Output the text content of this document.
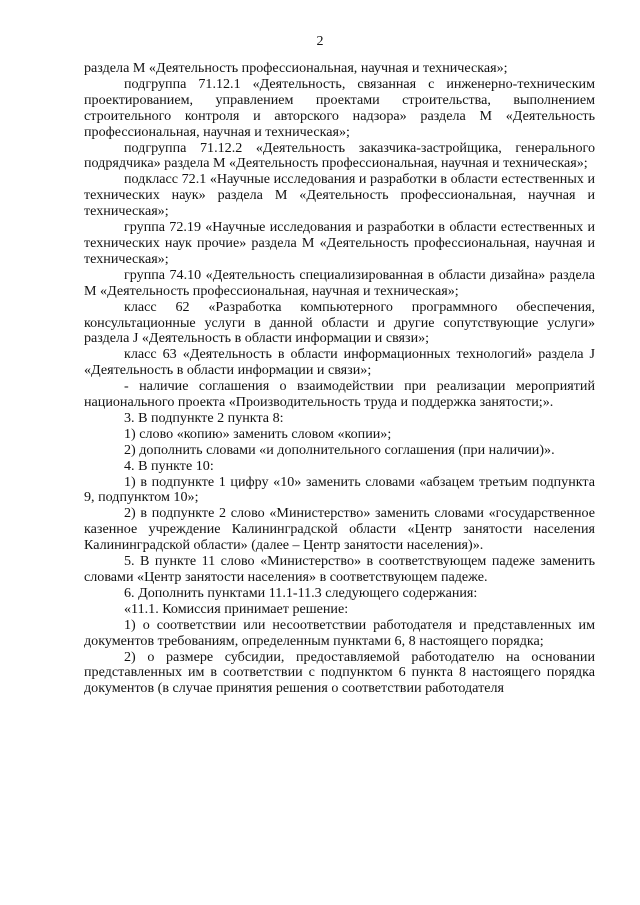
2

раздела М «Деятельность профессиональная, научная и техническая»;

подгруппа 71.12.1 «Деятельность, связанная с инженерно-техническим проектированием, управлением проектами строительства, выполнением строительного контроля и авторского надзора» раздела М «Деятельность профессиональная, научная и техническая»;

подгруппа 71.12.2 «Деятельность заказчика-застройщика, генерального подрядчика» раздела М «Деятельность профессиональная, научная и техническая»;

подкласс 72.1 «Научные исследования и разработки в области естественных и технических наук» раздела М «Деятельность профессиональная, научная и техническая»;

группа 72.19 «Научные исследования и разработки в области естественных и технических наук прочие» раздела М «Деятельность профессиональная, научная и техническая»;

группа 74.10 «Деятельность специализированная в области дизайна» раздела М «Деятельность профессиональная, научная и техническая»;

класс 62 «Разработка компьютерного программного обеспечения, консультационные услуги в данной области и другие сопутствующие услуги» раздела J «Деятельность в области информации и связи»;

класс 63 «Деятельность в области информационных технологий» раздела J «Деятельность в области информации и связи»;

- наличие соглашения о взаимодействии при реализации мероприятий национального проекта «Производительность труда и поддержка занятости;».

3. В подпункте 2 пункта 8:

1) слово «копию» заменить словом «копии»;

2) дополнить словами «и дополнительного соглашения (при наличии)».

4. В пункте 10:

1) в подпункте 1 цифру «10» заменить словами «абзацем третьим подпункта 9, подпунктом 10»;

2) в подпункте 2 слово «Министерство» заменить словами «государственное казенное учреждение Калининградской области «Центр занятости населения Калининградской области» (далее – Центр занятости населения)».

5. В пункте 11 слово «Министерство» в соответствующем падеже заменить словами «Центр занятости населения» в соответствующем падеже.

6. Дополнить пунктами 11.1-11.3 следующего содержания:

«11.1. Комиссия принимает решение:

1) о соответствии или несоответствии работодателя и представленных им документов требованиям, определенным пунктами 6, 8 настоящего порядка;

2) о размере субсидии, предоставляемой работодателю на основании представленных им в соответствии с подпунктом 6 пункта 8 настоящего порядка документов (в случае принятия решения о соответствии работодателя
